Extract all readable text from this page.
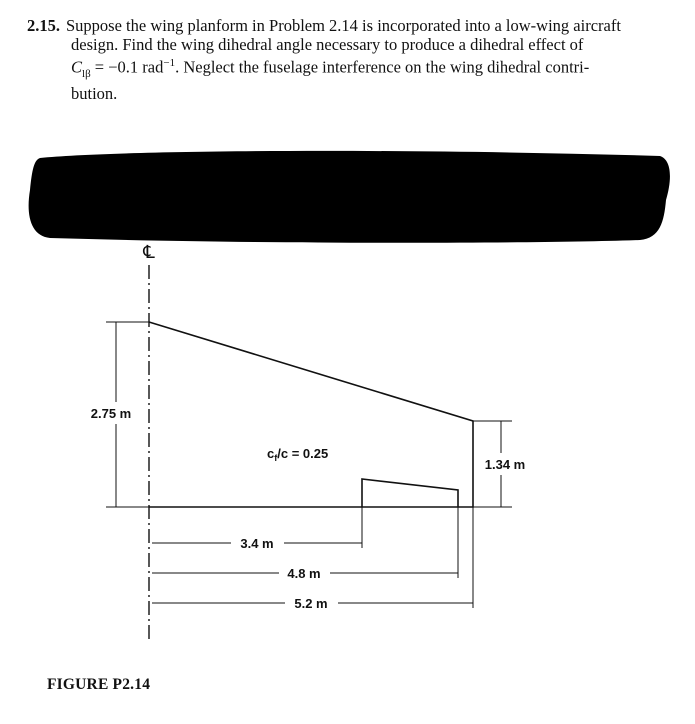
2.15. Suppose the wing planform in Problem 2.14 is incorporated into a low-wing aircraft
design. Find the wing dihedral angle necessary to produce a dihedral effect of
$C_{l\beta} = -0.1$ rad$^{-1}$. Neglect the fuselage interference on the wing dihedral contri-
bution.
℄
2.75 m
1.34 m
$c_f/c = 0.25$
3.4 m
4.8 m
5.2 m
FIGURE P2.14
